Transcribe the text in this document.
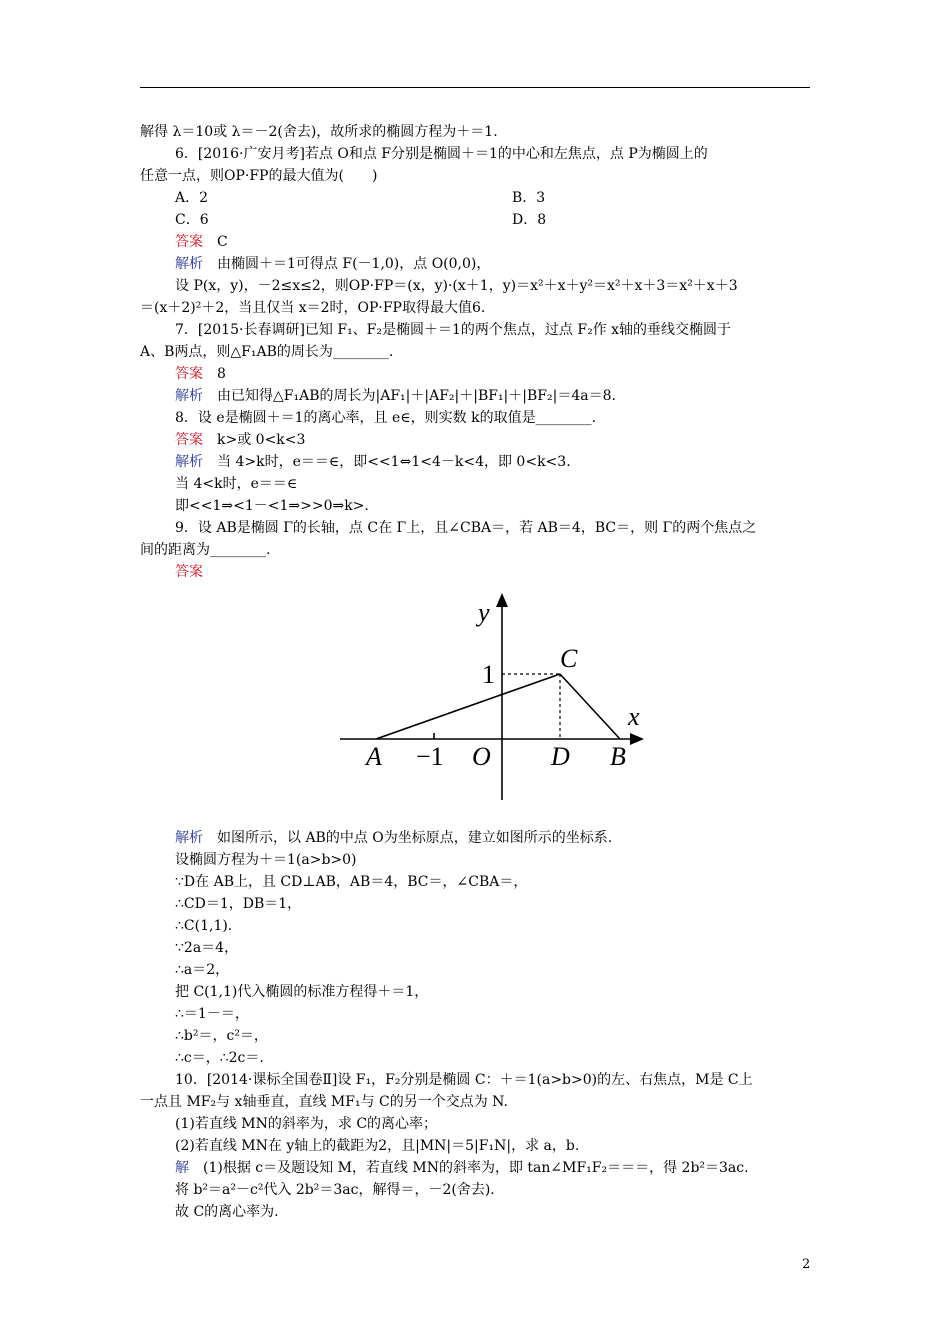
解得 λ＝10或 λ＝－2(舍去)，故所求的椭圆方程为＋＝1.
6．[2016·广安月考]若点 O和点 F分别是椭圆＋＝1的中心和左焦点，点 P为椭圆上的
任意一点，则OP·FP的最大值为(　　)
A．2	B．3
C．6	D．8
答案　C
解析　由椭圆＋＝1可得点 F(－1,0)，点 O(0,0)，
设 P(x，y)，－2≤x≤2，则OP·FP＝(x，y)·(x＋1，y)＝x²＋x＋y²＝x²＋x＋3＝x²＋x＋3
＝(x＋2)²＋2，当且仅当 x＝2时，OP·FP取得最大值6.
7．[2015·长春调研]已知 F₁、F₂是椭圆＋＝1的两个焦点，过点 F₂作 x轴的垂线交椭圆于
A、B两点，则△F₁AB的周长为________.
答案　8
解析　由已知得△F₁AB的周长为|AF₁|＋|AF₂|＋|BF₁|＋|BF₂|＝4a＝8.
8．设 e是椭圆＋＝1的离心率，且 e∈，则实数 k的取值是________.
答案　k>或 0<k<3
解析　当 4>k时，e＝＝∈，即<<1⇔1<4－k<4，即 0<k<3.
当 4<k时，e＝＝∈
即<<1⇒<1－<1⇒>>0⇒k>.
9．设 AB是椭圆 Γ的长轴，点 C在 Γ上，且∠CBA＝，若 AB＝4，BC＝，则 Γ的两个焦点之
间的距离为________.
答案
解析　如图所示，以 AB的中点 O为坐标原点，建立如图所示的坐标系.
设椭圆方程为＋＝1(a>b>0)
∵D在 AB上，且 CD⊥AB，AB＝4，BC＝，∠CBA＝，
∴CD＝1，DB＝1，
∴C(1,1).
∵2a＝4，
∴a＝2，
把 C(1,1)代入椭圆的标准方程得＋＝1，
∴＝1－＝，
∴b²＝，c²＝，
∴c＝，∴2c＝.
10．[2014·课标全国卷Ⅱ]设 F₁，F₂分别是椭圆 C：＋＝1(a>b>0)的左、右焦点，M是 C上
一点且 MF₂与 x轴垂直，直线 MF₁与 C的另一个交点为 N.
(1)若直线 MN的斜率为，求 C的离心率；
(2)若直线 MN在 y轴上的截距为2，且|MN|＝5|F₁N|，求 a，b.
解　(1)根据 c＝及题设知 M，若直线 MN的斜率为，即 tan∠MF₁F₂＝＝＝，得 2b²＝3ac.
将 b²＝a²－c²代入 2b²＝3ac，解得＝，－2(舍去).
故 C的离心率为.
y
x
C
A	O D B
1
−1
2
